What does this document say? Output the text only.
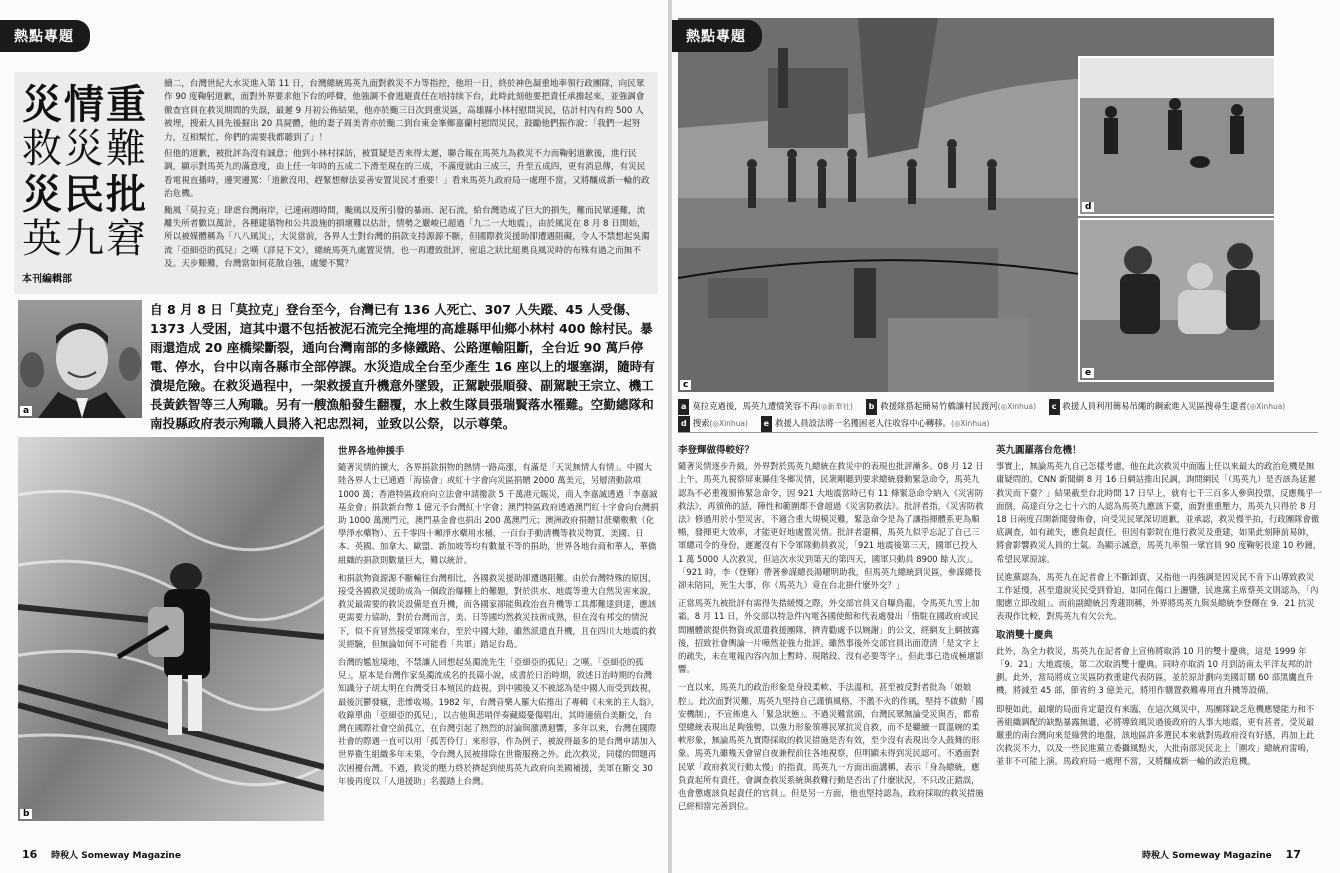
熱點專題
災情重
救災難
災民批
英九窘
本刊編輯部

續二，台灣世紀大水災進入第 11 日，台灣總統馬英九面對救災不力等指控，他坦一日，終於神色凝重地率領行政團隊，向民眾作 90 度鞠躬道歉，面對外界要求他下台的呼聲，他強調不會逃避責任在培持续下台，此時此刻他要把責任承擔起來，並強調會徹查官員在救災期間的失誤，最遲 9 月初公佈結果，他亦於颱三日次到重災區，高雄縣小林村慰問災民，估計村內有約 500 人被埋，搜索人員先後掘出 20 具屍體，他的妻子周美青亦於颱二到台東金峯鄉嘉蘭村慰問災民，鼓勵他們振作說：「我們一起努力，互相幫忙，你們的需要我都聽到了」！

但他的道歉，被批評為沒有誠意；他到小林村採訪，被質疑是否來得太遲，聯合報在馬英九為救災不力而鞠躬道歉後，進行民調，顯示對馬英九的滿意度，由上任一年時的五成二下滑至現在的三成，不滿度就由三成三，升至五成四，更有消息傳，有災民看電視直播時，邊哭邊罵：「道歉沒用，趕緊想辦法妥善安置災民才重要！」看來馬英九政府局一處理不當，又將釀成新一輪的政治危機。

颱風「莫拉克」肆虐台灣兩岸，已連兩週時間，颱風以及所引發的暴雨、泥石流，給台灣造成了巨大的損失，難而民眾連難，流離失所者數以萬計，各種建築物和公共設施的損壞難以估計，情勢之嚴峻已超過「九二一大地震」，由於風災在 8 月 8 日開始，所以被媒體稱為「八八風災」，大災當前，各界人士對台灣的捐款支持源源不斷，但國際救災援助卻遭遇阻礙，令人不禁想起吳濁流「亞細亞的孤兒」之嘆（詳見下文），總統馬英九處置災情，也一再遭致批評，密追之狀比紐奧良風災時的布殊有過之而無不及。天步艱難，台灣當如何花散自強，處變不驚？

a
自 8 月 8 日「莫拉克」登台至今，台灣已有 136 人死亡、307 人失蹤、45 人受傷、1373 人受困，這其中還不包括被泥石流完全掩埋的高雄縣甲仙鄉小林村 400 餘村民。暴雨還造成 20 座橋梁斷裂，通向台灣南部的多條鐵路、公路運輸阻斷，全台近 90 萬戶停電、停水，台中以南各縣市全部停課。水災造成全台至少產生 16 座以上的堰塞湖，隨時有潰堤危險。在救災過程中，一架救援直升機意外墜毀，正駕駛張順發、副駕駛王宗立、機工長黃鉄智等三人殉職。另有一艘漁船發生翻覆，水上救生隊員張瑞賢落水罹難。空勤總隊和南投縣政府表示殉職人員將入祀忠烈祠，並致以公祭，以示尊榮。
b
世界各地伸援手

隨著災情的擴大，各界捐款捐物的熱情一路高漲，有滿是「天災無情人有情」。中國大陸各界人士已通過「海協會」或紅十字會向災區捐贈 2000 萬美元，另層清動款項 1000 萬；香港特區政府向立法會申請撥款 5 千萬港元賑災，商人李嘉誠透過「李嘉誠基金會」捐款新台幣 1 億元予台灣紅十字會；澳門特區政府透過澳門紅十字會向台灣捐助 1000 萬澳門元，澳門基金會也捐出 200 萬澳門元；澳洲政府捐贈甘蔗藥敷敷（化學淨水藥物）、五千零四十噸淨水藥用水桶，一百台手動清機等救災物質，美國、日本、英國、加拿大、歐盟、新加坡等均有數量不等的捐助，世界各地台商和華人，華僑組織的捐款則數量巨大，難以統計。

和捐款物資源源不斷輸往台灣相比，各國救災援助卻遭遇阻難。由於台灣特殊的原因，接受各國救災援助成為一個政治爆棚上的難題，對於洪水、地震等重大自然災害來說，救災最需要的救災設備是直升機，而各國家卻能與政治直升機等工具都難達到達，應該更需要力協助，對於台灣而言，美、日等國均然救災技術成熟，但在沒有邦交的情況下，似不肯冒然接受軍隊來台，至於中國大陸，雖然派遣直升機，且在四川大地震的救災經驗，但無論如何不可能看「共軍」踏足台島。

台灣的尷尬境地，不禁讓人回想起吳濁流先生「亞細亞的孤兒」之嘆。「亞細亞的孤兒」，原本是台灣作家吳濁流成名的長篇小說，成書於日治時期，敘述日治時期的台灣知識分子胡太明在台灣受日本殖民的歧視，到中國後又不被認為是中國人而受到歧視，最後沉鬱發瘋，悲慘收場。1982 年，台灣音樂人羅大佑推出了專輯《未來的主人翁》，收錄單曲「亞細亞的孤兒」，以吉他與悲哨伴奏藏綴憂傷唱出，其時適值台美斷交，台灣在國際社會空前孤立，在台灣引起了熱烈的討論與激湧迴響，多年以來，台灣在國際社會的際遇一直可以用「孤苦伶仃」來形容，作為例子，被說得最多的是台灣申請加入世界衛生組織多年未果，令台灣人民被排除在世衛服務之外。此次救災，同樣的問題再次困擾台灣。不過，救災的壓力終於擠起到使馬英九政府向美國補援，美軍在斷交 30 年後再度以「人道援助」名義踏上台灣。

16 時稅人 Someway Magazine
熱點專題
c
d
e
a 莫拉克過後，馬英九遭憤笑容不再(◎新華社) b 救援隊搭起簡易竹橋讓村民渡河(◎Xinhua) c 救援人員利用簡易吊繩的鋼索進入災區搜尋生還者(◎Xinhua)
d 搜索(◎Xinhua) e 救援人員設法將一名獲困老人往收容中心轉移。(◎Xinhua)
李登輝做得較好？

隨著災情逐步升級，外界對於馬英九總統在救災中的表現也批評漸多。08 月 12 日上午，馬英九視察屏東縣佳冬鄉災情，民衆剛聽到要求總統發動緊急命令，馬英九認為不必重複頒佈緊急命令，因 921 大地震當時已有 11 條緊急命令納入《災害防救法》，再頒佈的話，陣性和範圍都不會超過《災害防救法》。批評者指，《災害防救法》修過用於小型災害，不適合重大規模災難，緊急命令是為了讓指揮體系更為順暢，發揮更大效率，才能更好地處置災情。批評者還稱，馬英九似乎忘記了自己三軍總司令的身份，遲遲沒有下令軍隊動員救災，「921 地震後第三天，國軍已投入 1 萬 5000 人次救災，但這次水災到第天的第四天，國軍只動員 8900 餘人次」。「921 時，李（登輝）帶著參謀總長湯曜明助我，但馬英九總統到災區，參謀總長卻未陪同，死生大事，你（馬英九）竟在台北掛什麼外交？」

正當馬英九被批評有需得失措緩慢之際，外交部官員又自曝鳥龍，令馬英九雪上加霜。8 月 11 日，外交部以特急件內電各國使館和代表處發出「惰駐在國政府或民間團體欲提供物資或派遣救援團隊，擠青勸處予以婉謝」的公文，經網友上網披露後，招致社會輿論一片嘩然並強力批評。雖然事後外交部官員出面澄清「是文字上的疏失，未在電報內容內加上暫時、現階段、沒有必要等字」，但此事已造成極壞影響。

一直以來，馬英九的政治形象是身段柔軟、手法溫和，甚至被反對者批為「娘娘腔」。此次面對災難，馬英九堅持自己謹慎風格，不濫不火的作風，堅持不啟動「國安機制」，不宣佈進入「緊急狀態」。不過災難當頭，台灣民眾無論受災與否，都希望總統表現出足夠強勢，以強力形象領導民眾抗災自救，而不是繼續一貫溫婉的柔軟形象，無論馬英九實際採取的救災措施是否有效，至少沒有表現出令人鼓舞的形象。馬英九雖幾天會留自夜兼程前往各地視察，但明顯未得到災民認可。不過面對民眾「政府救災行動太慢」的指責，馬英九一方面出面講稱，表示「身為總統，應負責起所有責任，會調查救災系統與救難行動是否出了什麼狀況，不只改正錯誤，也會懲處該負起責任的官員」。但是另一方面，他也堅持認為，政府採取的救災措施已經相當完善到位。

英九圓羅落台危機！

事實上，無論馬英九自己怎樣考慮，他在此次救災中面臨上任以來最大的政治危機是無庸疑問的。CNN 新聞網 8 月 16 日網站推出民調，詢問網民「（馬英九）是否該為延遲救災而下臺？」結果截至台北時間 17 日早上，就有七千三百多人參與投票，反應幾乎一面倒，高達百分之七十六的人認為馬英九應該下臺，面對重重壓力，馬英九只得於 8 月 18 日兩度召開新聞發佈會，向受災民眾深切道歉，並承認，救災慢半拍，行政團隊會徹底調查，如有疏失，應負起責任。但因有影院在進行救災及重建，如果此刻陣前易帥，將會影響救災人員的士氣。為顯示誠意，馬英九率領一眾官員 90 度鞠躬長達 10 秒鐘，希望民眾原諒。

民進黨認為，馬英九在記者會上不斷卸責，又指他一再強調是因災民不肯下山導致救災工作延慢，甚至遣說災民受到脅迫，如同在傷口上灑鹽，民進黨主席蔡英文則認為，「內閣應立即改組」。而前副總統呂秀蓮則稱，外界將馬英九與吳總統李登輝在 9．21 抗災表現作比較，對馬英九有欠公允。

取消雙十慶典

此外，為全力救災，馬英九在記者會上宣佈將取消 10 月的雙十慶典，這是 1999 年「9．21」大地震後，第二次取消雙十慶典。同時亦取消 10 月到訪南太平洋友邦的計劃。此外，當局將成立災區防救重建代表防區，並於原計劃向美國訂購 60 部黑鷹直升機，將減至 45 部，節省約 3 億美元，將用作購置救難專用直升機等設備。

即便如此，最壞的局面肯定還沒有來臨，在這次風災中，馬團隊缺乏危機應變能力和不善組織調配的缺點暴露無遺，必將導致風災過後政府的人事大地震，更有甚者，受災最嚴重的南台灣向來是綠營的地盤，該地區許多選民本來就對馬政府沒有好感，再加上此次救災不力，以及一些民進黨立委攝風點火，大批南部災民北上「圍攻」總統府雷嗚，並非不可能上演。馬政府局一處理不當，又將釀成新一輪的政治危機。

時稅人 Someway Magazine 17
